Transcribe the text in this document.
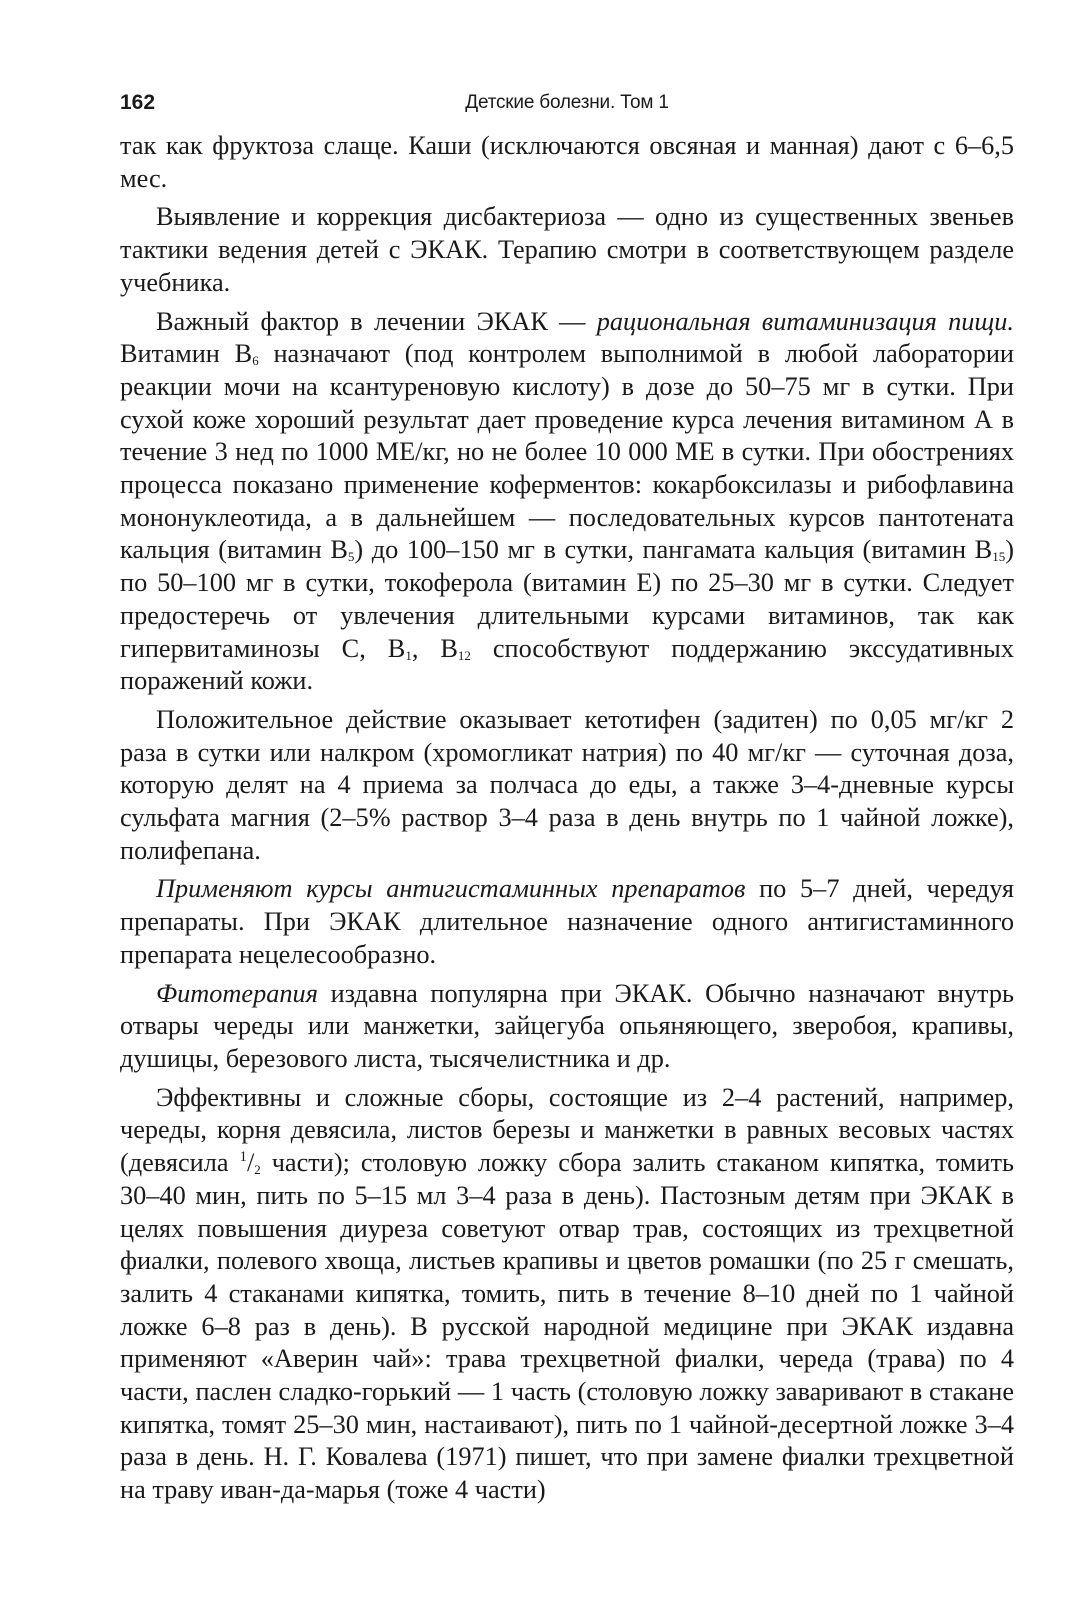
162	Детские болезни. Том 1

так как фруктоза слаще. Каши (исключаются овсяная и манная) дают с 6–6,5 мес.

Выявление и коррекция дисбактериоза — одно из существенных звеньев тактики ведения детей с ЭКАК. Терапию смотри в соответствующем разделе учебника.

Важный фактор в лечении ЭКАК — рациональная витаминизация пищи. Витамин $В_6$ назначают (под контролем выполнимой в любой лаборатории реакции мочи на ксантуреновую кислоту) в дозе до 50–75 мг в сутки. При сухой коже хороший результат дает проведение курса лечения витамином А в течение 3 нед по 1000 МЕ/кг, но не более 10 000 МЕ в сутки. При обострениях процесса показано применение коферментов: кокарбоксилазы и рибофлавина мононуклеотида, а в дальнейшем — последовательных курсов пантотената кальция (витамин $В_5$) до 100–150 мг в сутки, пангамата кальция (витамин $В_{15}$) по 50–100 мг в сутки, токоферола (витамин Е) по 25–30 мг в сутки. Следует предостеречь от увлечения длительными курсами витаминов, так как гипервитаминозы С, $В_1$, $В_{12}$ способствуют поддержанию экссудативных поражений кожи.

Положительное действие оказывает кетотифен (задитен) по 0,05 мг/кг 2 раза в сутки или налкром (хромогликат натрия) по 40 мг/кг — суточная доза, которую делят на 4 приема за полчаса до еды, а также 3–4-дневные курсы сульфата магния (2–5% раствор 3–4 раза в день внутрь по 1 чайной ложке), полифепана.

Применяют курсы антигистаминных препаратов по 5–7 дней, чередуя препараты. При ЭКАК длительное назначение одного антигистаминного препарата нецелесообразно.

Фитотерапия издавна популярна при ЭКАК. Обычно назначают внутрь отвары череды или манжетки, зайцегуба опьяняющего, зверобоя, крапивы, душицы, березового листа, тысячелистника и др.

Эффективны и сложные сборы, состоящие из 2–4 растений, например, череды, корня девясила, листов березы и манжетки в равных весовых частях (девясила $^1/_2$ части); столовую ложку сбора залить стаканом кипятка, томить 30–40 мин, пить по 5–15 мл 3–4 раза в день). Пастозным детям при ЭКАК в целях повышения диуреза советуют отвар трав, состоящих из трехцветной фиалки, полевого хвоща, листьев крапивы и цветов ромашки (по 25 г смешать, залить 4 стаканами кипятка, томить, пить в течение 8–10 дней по 1 чайной ложке 6–8 раз в день). В русской народной медицине при ЭКАК издавна применяют «Аверин чай»: трава трехцветной фиалки, череда (трава) по 4 части, паслен сладко-горький — 1 часть (столовую ложку заваривают в стакане кипятка, томят 25–30 мин, настаивают), пить по 1 чайной-десертной ложке 3–4 раза в день. Н. Г. Ковалева (1971) пишет, что при замене фиалки трехцветной на траву иван-да-марья (тоже 4 части)
